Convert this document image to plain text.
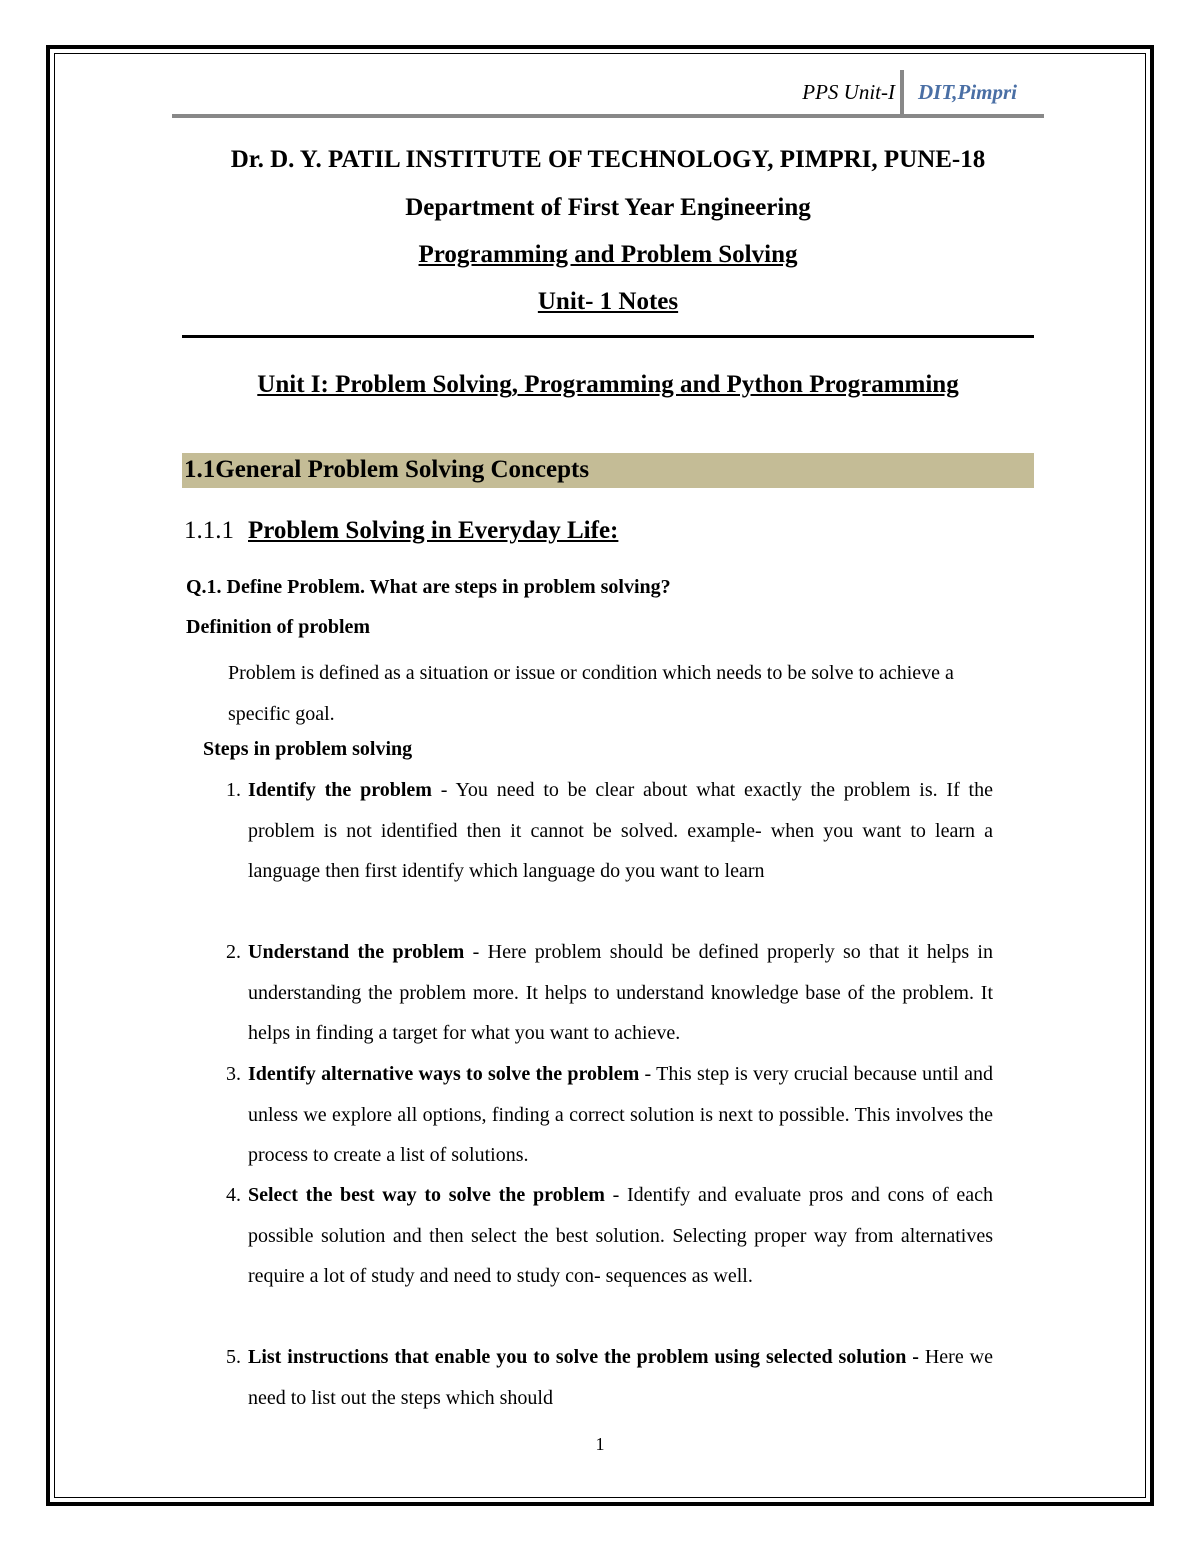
PPS Unit-I DIT,Pimpri
Dr. D. Y. PATIL INSTITUTE OF TECHNOLOGY, PIMPRI, PUNE-18
Department of First Year Engineering
Programming and Problem Solving
Unit- 1 Notes
Unit I: Problem Solving, Programming and Python Programming
1.1General Problem Solving Concepts
1.1.1 Problem Solving in Everyday Life:
Q.1. Define Problem. What are steps in problem solving?
Definition of problem
Problem is defined as a situation or issue or condition which needs to be solve to achieve a specific goal.
Steps in problem solving
1. Identify the problem - You need to be clear about what exactly the problem is. If the problem is not identified then it cannot be solved. example- when you want to learn a language then first identify which language do you want to learn
2. Understand the problem - Here problem should be defined properly so that it helps in understanding the problem more. It helps to understand knowledge base of the problem. It helps in finding a target for what you want to achieve.
3. Identify alternative ways to solve the problem - This step is very crucial because until and unless we explore all options, finding a correct solution is next to possible. This involves the process to create a list of solutions.
4. Select the best way to solve the problem - Identify and evaluate pros and cons of each possible solution and then select the best solution. Selecting proper way from alternatives require a lot of study and need to study con- sequences as well.
5. List instructions that enable you to solve the problem using selected solution - Here we need to list out the steps which should
1
